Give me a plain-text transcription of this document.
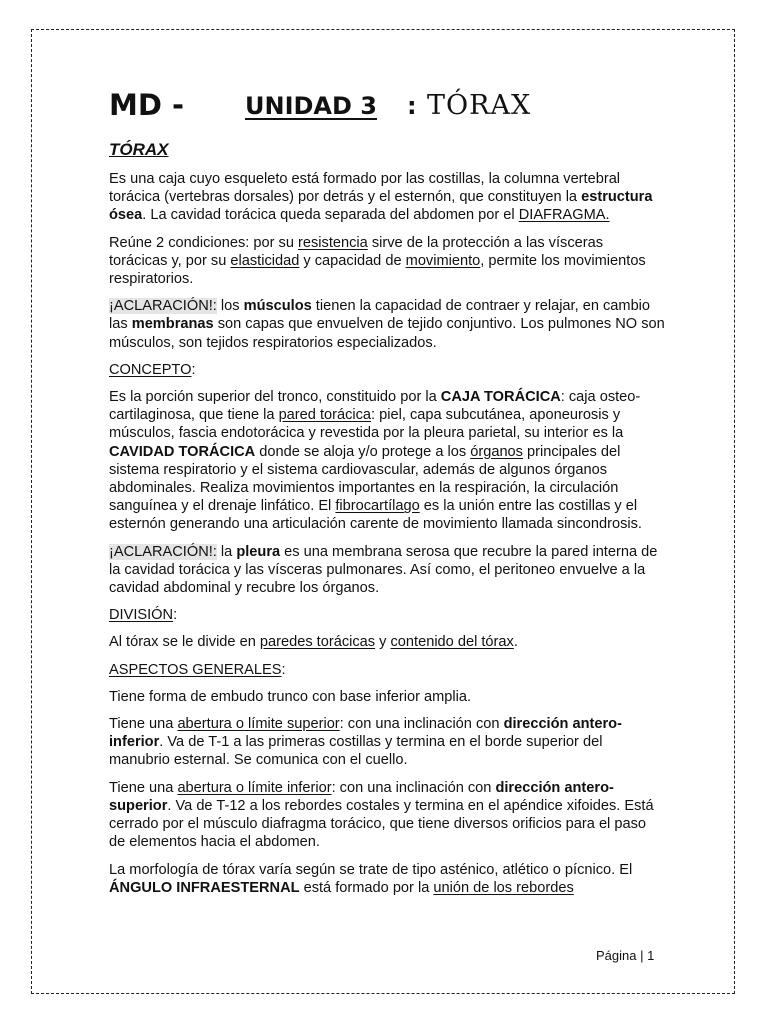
MD -	UNIDAD 3 : TÓRAX
TÓRAX

Es una caja cuyo esqueleto está formado por las costillas, la columna vertebral torácica (vertebras dorsales) por detrás y el esternón, que constituyen la estructura ósea. La cavidad torácica queda separada del abdomen por el DIAFRAGMA.

Reúne 2 condiciones: por su resistencia sirve de la protección a las vísceras torácicas y, por su elasticidad y capacidad de movimiento, permite los movimientos respiratorios.

¡ACLARACIÓN!: los músculos tienen la capacidad de contraer y relajar, en cambio las membranas son capas que envuelven de tejido conjuntivo. Los pulmones NO son músculos, son tejidos respiratorios especializados.

CONCEPTO:

Es la porción superior del tronco, constituido por la CAJA TORÁCICA: caja osteo-cartilaginosa, que tiene la pared torácica: piel, capa subcutánea, aponeurosis y músculos, fascia endotorácica y revestida por la pleura parietal, su interior es la CAVIDAD TORÁCICA donde se aloja y/o protege a los órganos principales del sistema respiratorio y el sistema cardiovascular, además de algunos órganos abdominales. Realiza movimientos importantes en la respiración, la circulación sanguínea y el drenaje linfático. El fibrocartílago es la unión entre las costillas y el esternón generando una articulación carente de movimiento llamada sincondrosis.

¡ACLARACIÓN!: la pleura es una membrana serosa que recubre la pared interna de la cavidad torácica y las vísceras pulmonares. Así como, el peritoneo envuelve a la cavidad abdominal y recubre los órganos.

DIVISIÓN:

Al tórax se le divide en paredes torácicas y contenido del tórax.

ASPECTOS GENERALES:

Tiene forma de embudo trunco con base inferior amplia.

Tiene una abertura o límite superior: con una inclinación con dirección antero-inferior. Va de T-1 a las primeras costillas y termina en el borde superior del manubrio esternal. Se comunica con el cuello.

Tiene una abertura o límite inferior: con una inclinación con dirección antero-superior. Va de T-12 a los rebordes costales y termina en el apéndice xifoides. Está cerrado por el músculo diafragma torácico, que tiene diversos orificios para el paso de elementos hacia el abdomen.

La morfología de tórax varía según se trate de tipo asténico, atlético o pícnico. El ÁNGULO INFRAESTERNAL está formado por la unión de los rebordes

Página | 1
